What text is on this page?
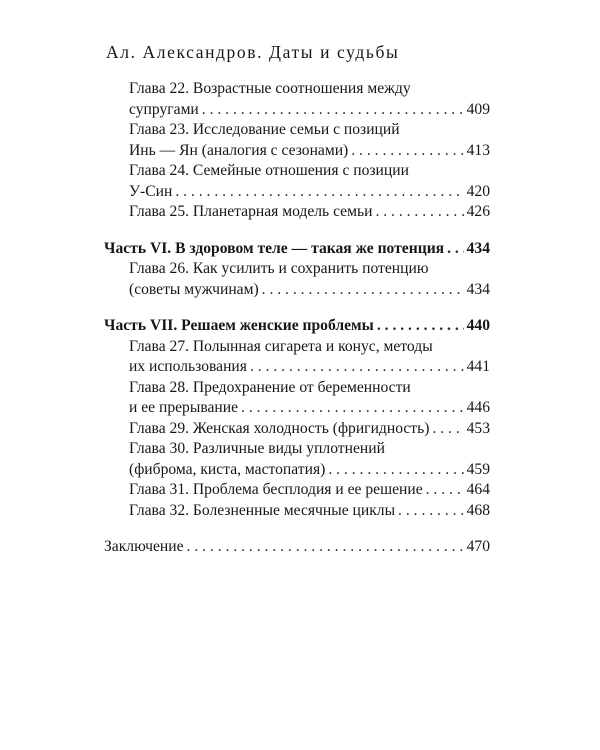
Ал. Александров. Даты и судьбы
Глава 22. Возрастные соотношения между
супругами . . .	409
Глава 23. Исследование семьи с позиций
Инь — Ян (аналогия с сезонами) . . .	413
Глава 24. Семейные отношения с позиции
У-Син . . .	420
Глава 25. Планетарная модель семьи . . .	426
Часть VI. В здоровом теле — такая же потенция . . . 434
Глава 26. Как усилить и сохранить потенцию
(советы мужчинам) . . .	434
Часть VII. Решаем женские проблемы . . .	440
Глава 27. Полынная сигарета и конус, методы
их использования . . .	441
Глава 28. Предохранение от беременности
и ее прерывание . . .	446
Глава 29. Женская холодность (фригидность) . . . 453
Глава 30. Различные виды уплотнений
(фиброма, киста, мастопатия) . . .	459
Глава 31. Проблема бесплодия и ее решение . . .	464
Глава 32. Болезненные месячные циклы . . .	468
Заключение . . .	470
